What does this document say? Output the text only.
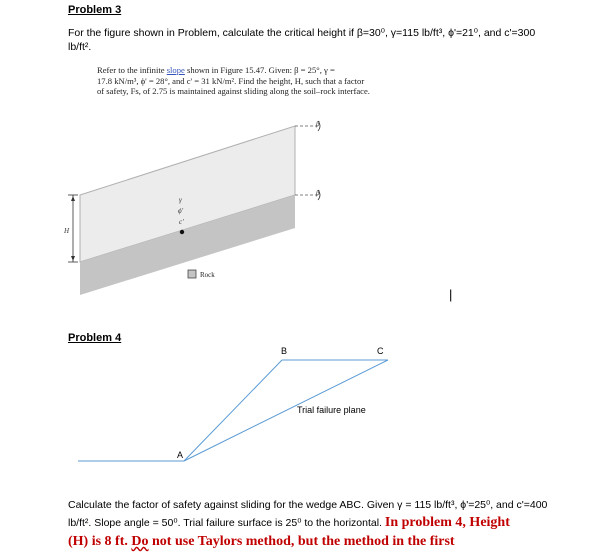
Problem 3
For the figure shown in Problem, calculate the critical height if β=30⁰, γ=115 lb/ft³, ϕ'=21⁰, and c'=300
lb/ft².
Refer to the infinite slope shown in Figure 15.47. Given: β = 25°, γ =
17.8 kN/m³, ϕ' = 28°, and c' = 31 kN/m². Find the height, H, such that a factor
of safety, Fs, of 2.75 is maintained against sliding along the soil–rock interface.
β
β
γ
ϕ'
c'
H
Rock
|
Problem 4
A
B	C
Trial failure plane
Calculate the factor of safety against sliding for the wedge ABC. Given γ = 115 lb/ft³, ϕ'=25⁰, and c'=400
lb/ft². Slope angle = 50⁰. Trial failure surface is 25⁰ to the horizontal. In problem 4, Height
(H) is 8 ft. Do not use Taylors method, but the method in the first
